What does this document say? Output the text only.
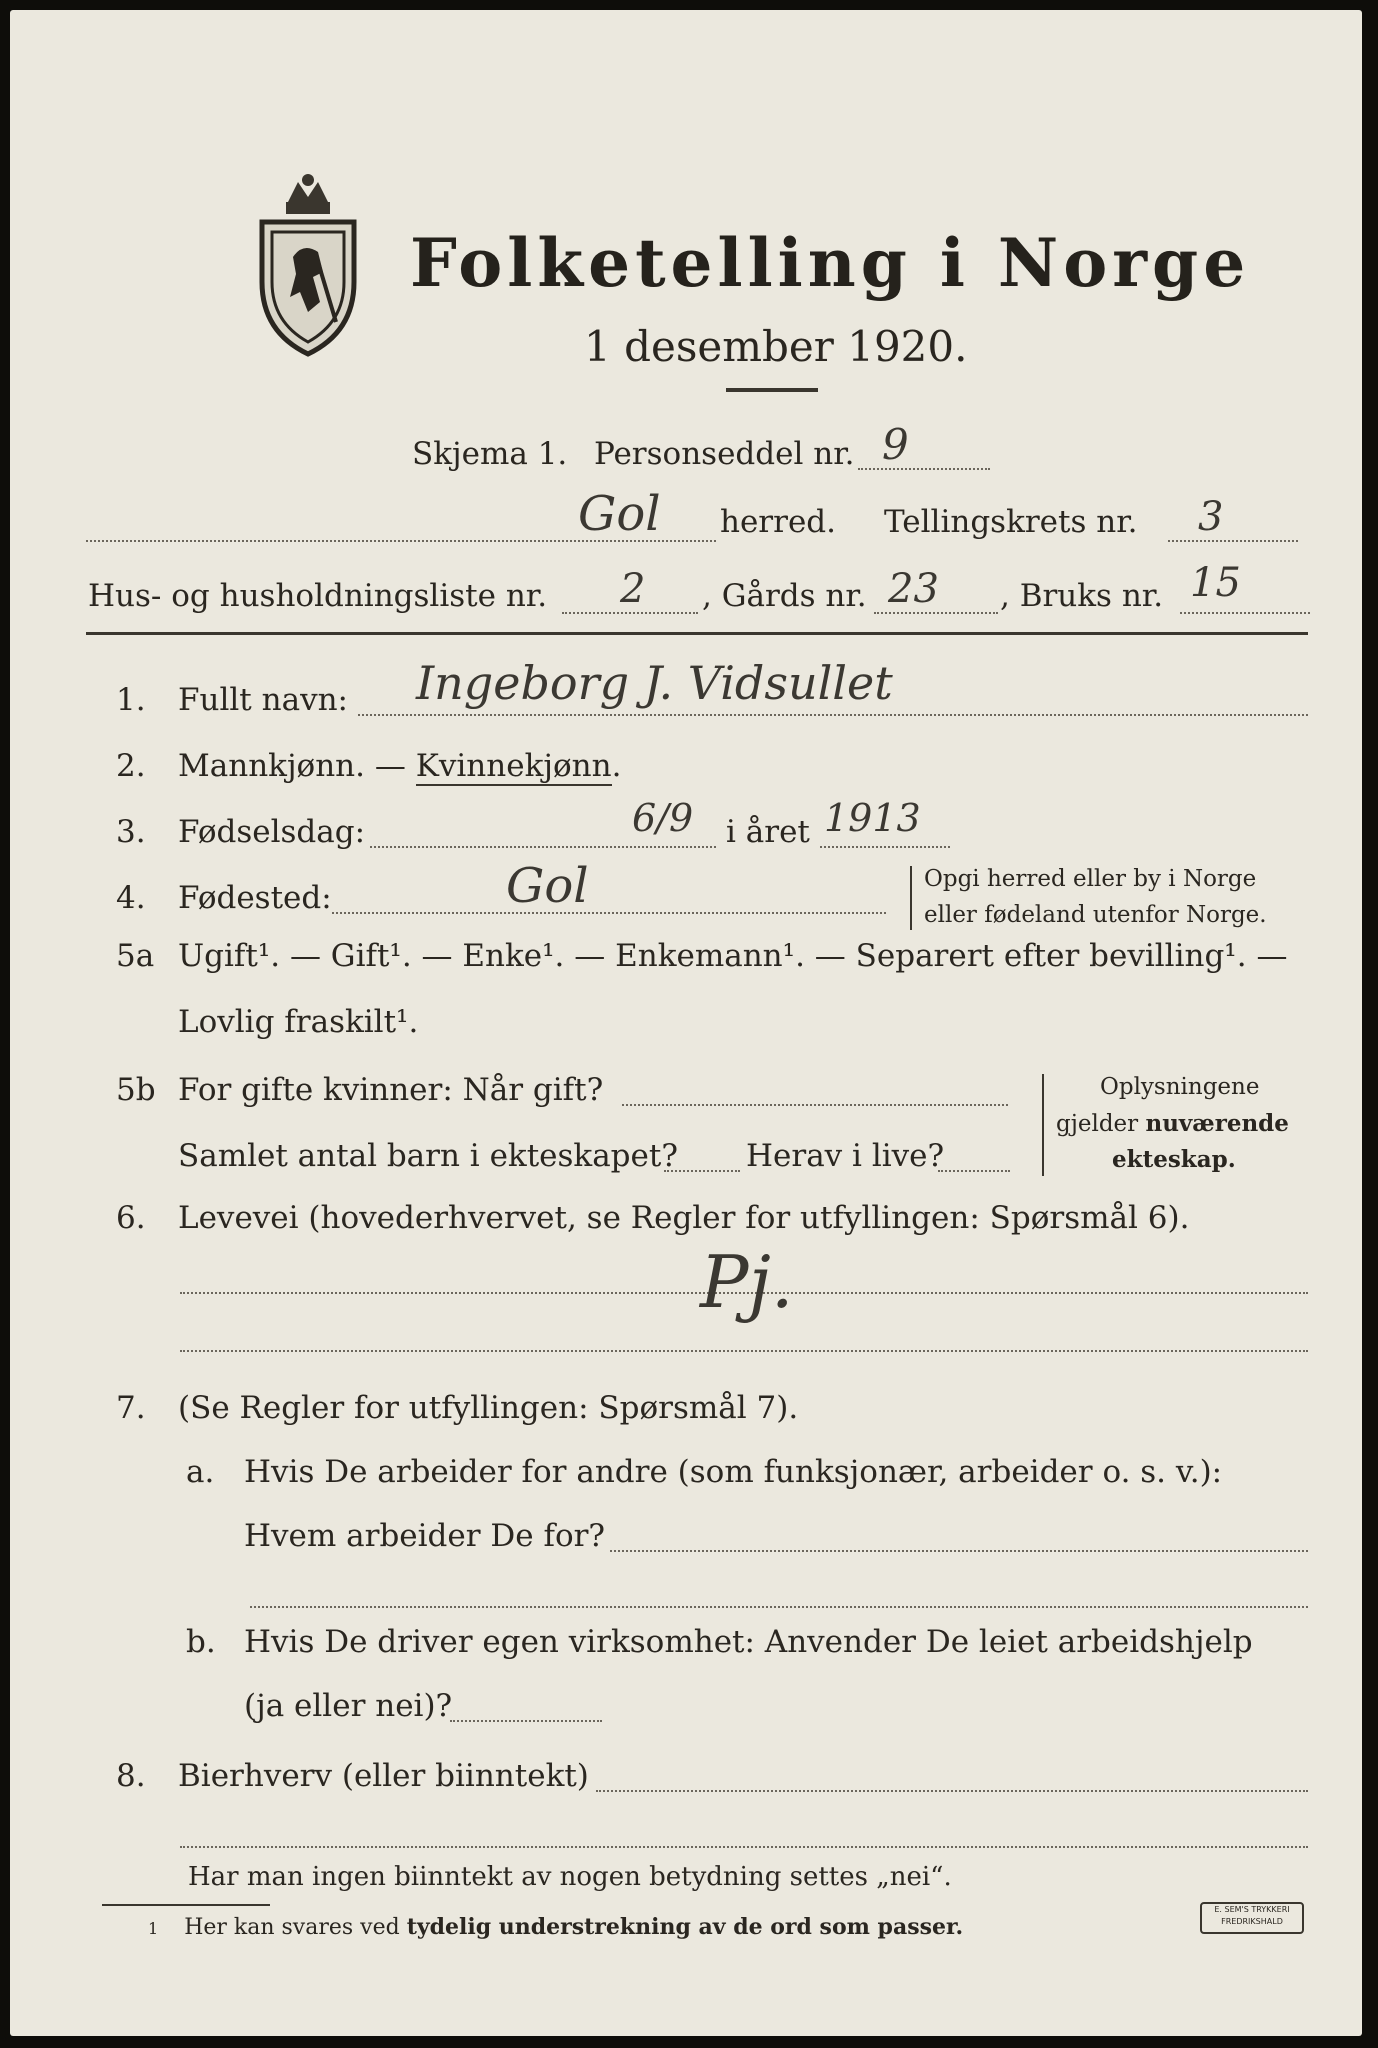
Folketelling i Norge
1 desember 1920.
Skjema 1. Personseddel nr. 9
Gol herred. Tellingskrets nr. 3
Hus- og husholdningsliste nr. 2 , Gårds nr. 23 , Bruks nr. 15
1. Fullt navn: Ingeborg J. Vidsullet
2. Mannkjønn. — Kvinnekjønn.
3. Fødselsdag:	6/9 i året 1913
4. Fødested:	Gol	Opgi herred eller by i Norge
eller fødeland utenfor Norge.
5a Ugift¹. — Gift¹. — Enke¹. — Enkemann¹. — Separert efter bevilling¹. —
Lovlig fraskilt¹.
5b For gifte kvinner: Når gift?
Samlet antal barn i ekteskapet? Herav i live?
Oplysningene
gjelder nuværende
ekteskap.
6. Levevei (hovederhvervet, se Regler for utfyllingen: Spørsmål 6).
Pj.
7. (Se Regler for utfyllingen: Spørsmål 7).
a. Hvis De arbeider for andre (som funksjonær, arbeider o. s. v.):
Hvem arbeider De for?
b. Hvis De driver egen virksomhet: Anvender De leiet arbeidshjelp
(ja eller nei)?
8. Bierhverv (eller biinntekt)
Har man ingen biinntekt av nogen betydning settes „nei“.
1 Her kan svares ved tydelig understrekning av de ord som passer.
E. SEM'S TRYKKERI
FREDRIKSHALD
